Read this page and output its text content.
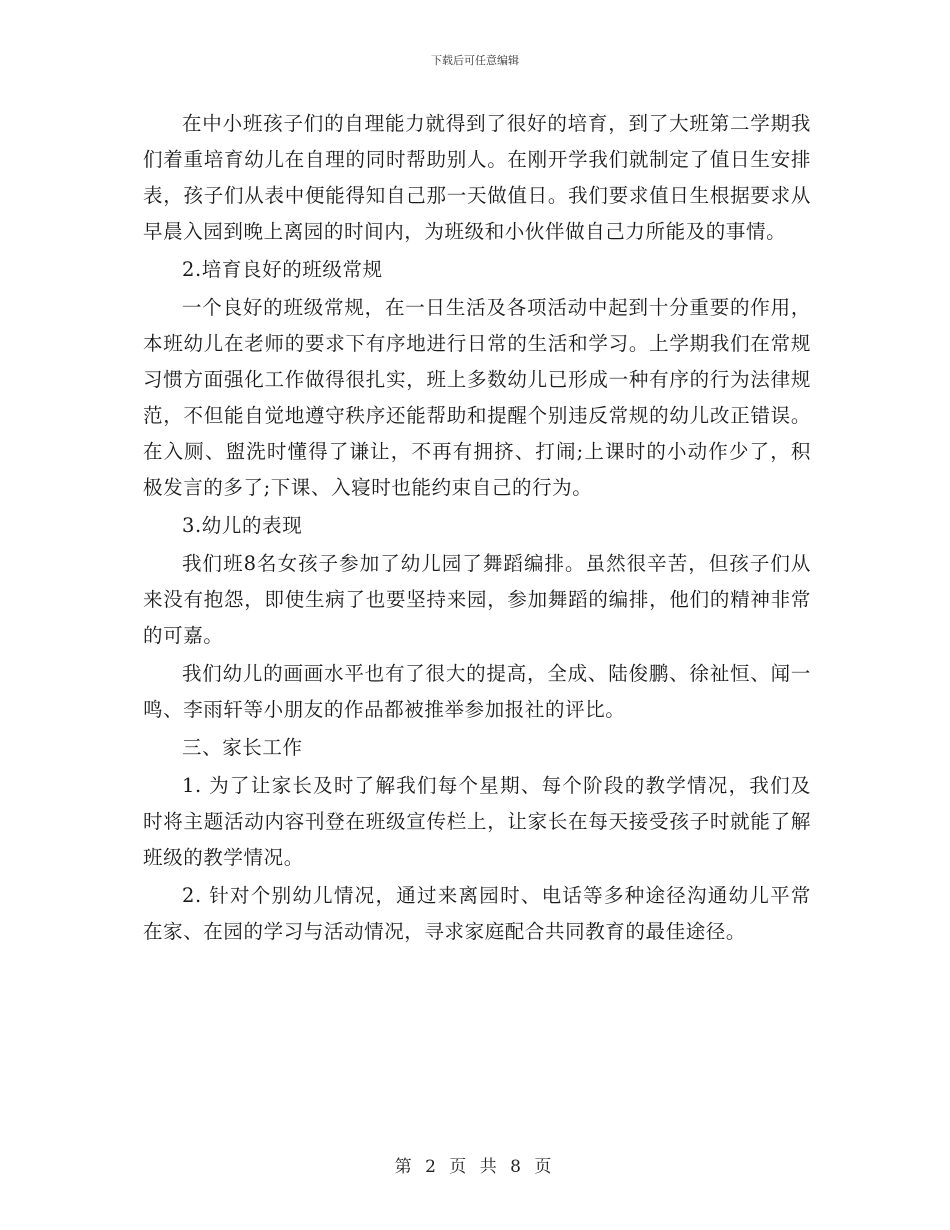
下载后可任意编辑

在中小班孩子们的自理能力就得到了很好的培育，到了大班第二学期我们着重培育幼儿在自理的同时帮助别人。在刚开学我们就制定了值日生安排表，孩子们从表中便能得知自己那一天做值日。我们要求值日生根据要求从早晨入园到晚上离园的时间内，为班级和小伙伴做自己力所能及的事情。

2.培育良好的班级常规

一个良好的班级常规，在一日生活及各项活动中起到十分重要的作用，本班幼儿在老师的要求下有序地进行日常的生活和学习。上学期我们在常规习惯方面强化工作做得很扎实，班上多数幼儿已形成一种有序的行为法律规范，不但能自觉地遵守秩序还能帮助和提醒个别违反常规的幼儿改正错误。在入厕、盥洗时懂得了谦让，不再有拥挤、打闹;上课时的小动作少了，积极发言的多了;下课、入寝时也能约束自己的行为。

3.幼儿的表现

我们班8名女孩子参加了幼儿园了舞蹈编排。虽然很辛苦，但孩子们从来没有抱怨，即使生病了也要坚持来园，参加舞蹈的编排，他们的精神非常的可嘉。

我们幼儿的画画水平也有了很大的提高，全成、陆俊鹏、徐祉恒、闻一鸣、李雨轩等小朋友的作品都被推举参加报社的评比。

三、家长工作

1. 为了让家长及时了解我们每个星期、每个阶段的教学情况，我们及时将主题活动内容刊登在班级宣传栏上，让家长在每天接受孩子时就能了解班级的教学情况。

2. 针对个别幼儿情况，通过来离园时、电话等多种途径沟通幼儿平常在家、在园的学习与活动情况，寻求家庭配合共同教育的最佳途径。

第 2 页 共 8 页
